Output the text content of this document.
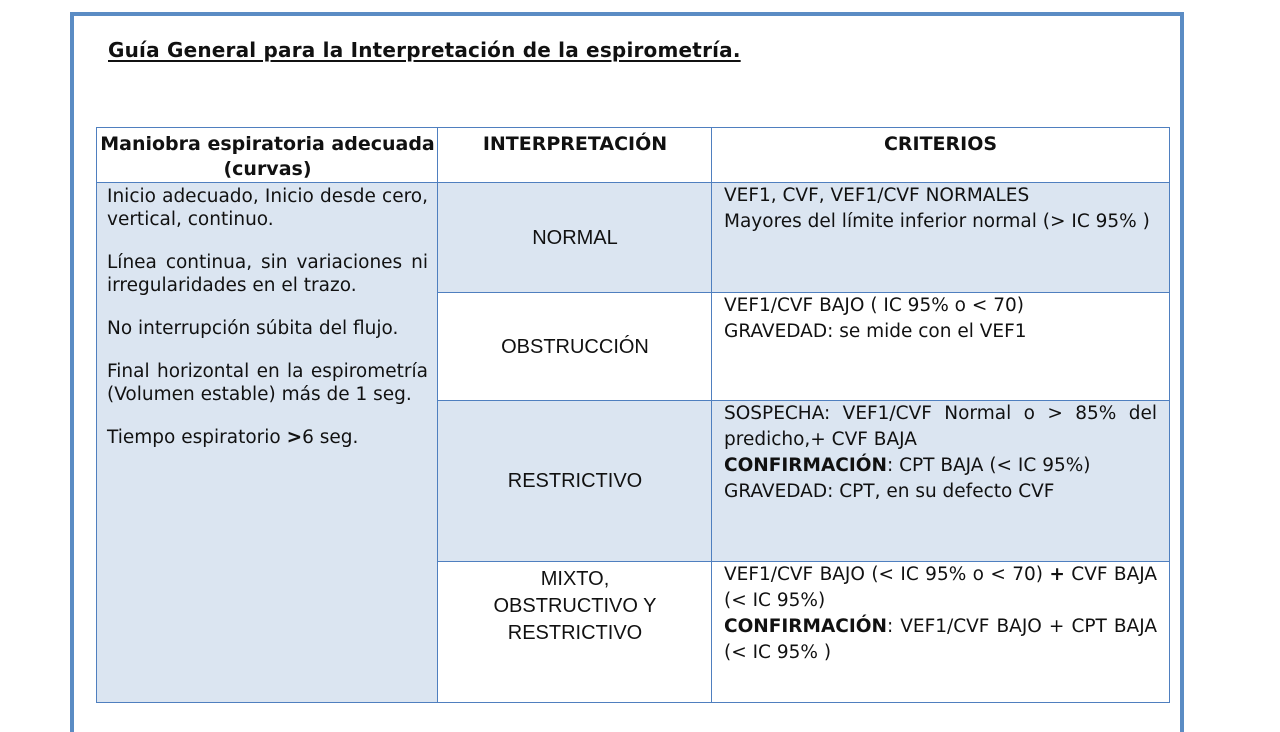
Guía General para la Interpretación de la espirometría.
Maniobra espiratoria adecuada (curvas)
INTERPRETACIÓN	CRITERIOS

Inicio adecuado, Inicio desde cero, vertical, continuo.

Línea continua, sin variaciones ni irregularidades en el trazo.

No interrupción súbita del flujo.

Final horizontal en la espirometría (Volumen estable) más de 1 seg.

Tiempo espiratorio >6 seg.

NORMAL
VEF1, CVF, VEF1/CVF NORMALES
Mayores del límite inferior normal (> IC 95% )
OBSTRUCCIÓN
VEF1/CVF BAJO ( IC 95% o < 70)
GRAVEDAD: se mide con el VEF1
RESTRICTIVO
SOSPECHA: VEF1/CVF Normal o > 85% del predicho,+ CVF BAJA
CONFIRMACIÓN: CPT BAJA (< IC 95%)
GRAVEDAD: CPT, en su defecto CVF
MIXTO,
OBSTRUCTIVO Y
RESTRICTIVO
VEF1/CVF BAJO (< IC 95% o < 70) + CVF BAJA (< IC 95%)
CONFIRMACIÓN: VEF1/CVF BAJO + CPT BAJA (< IC 95% )
